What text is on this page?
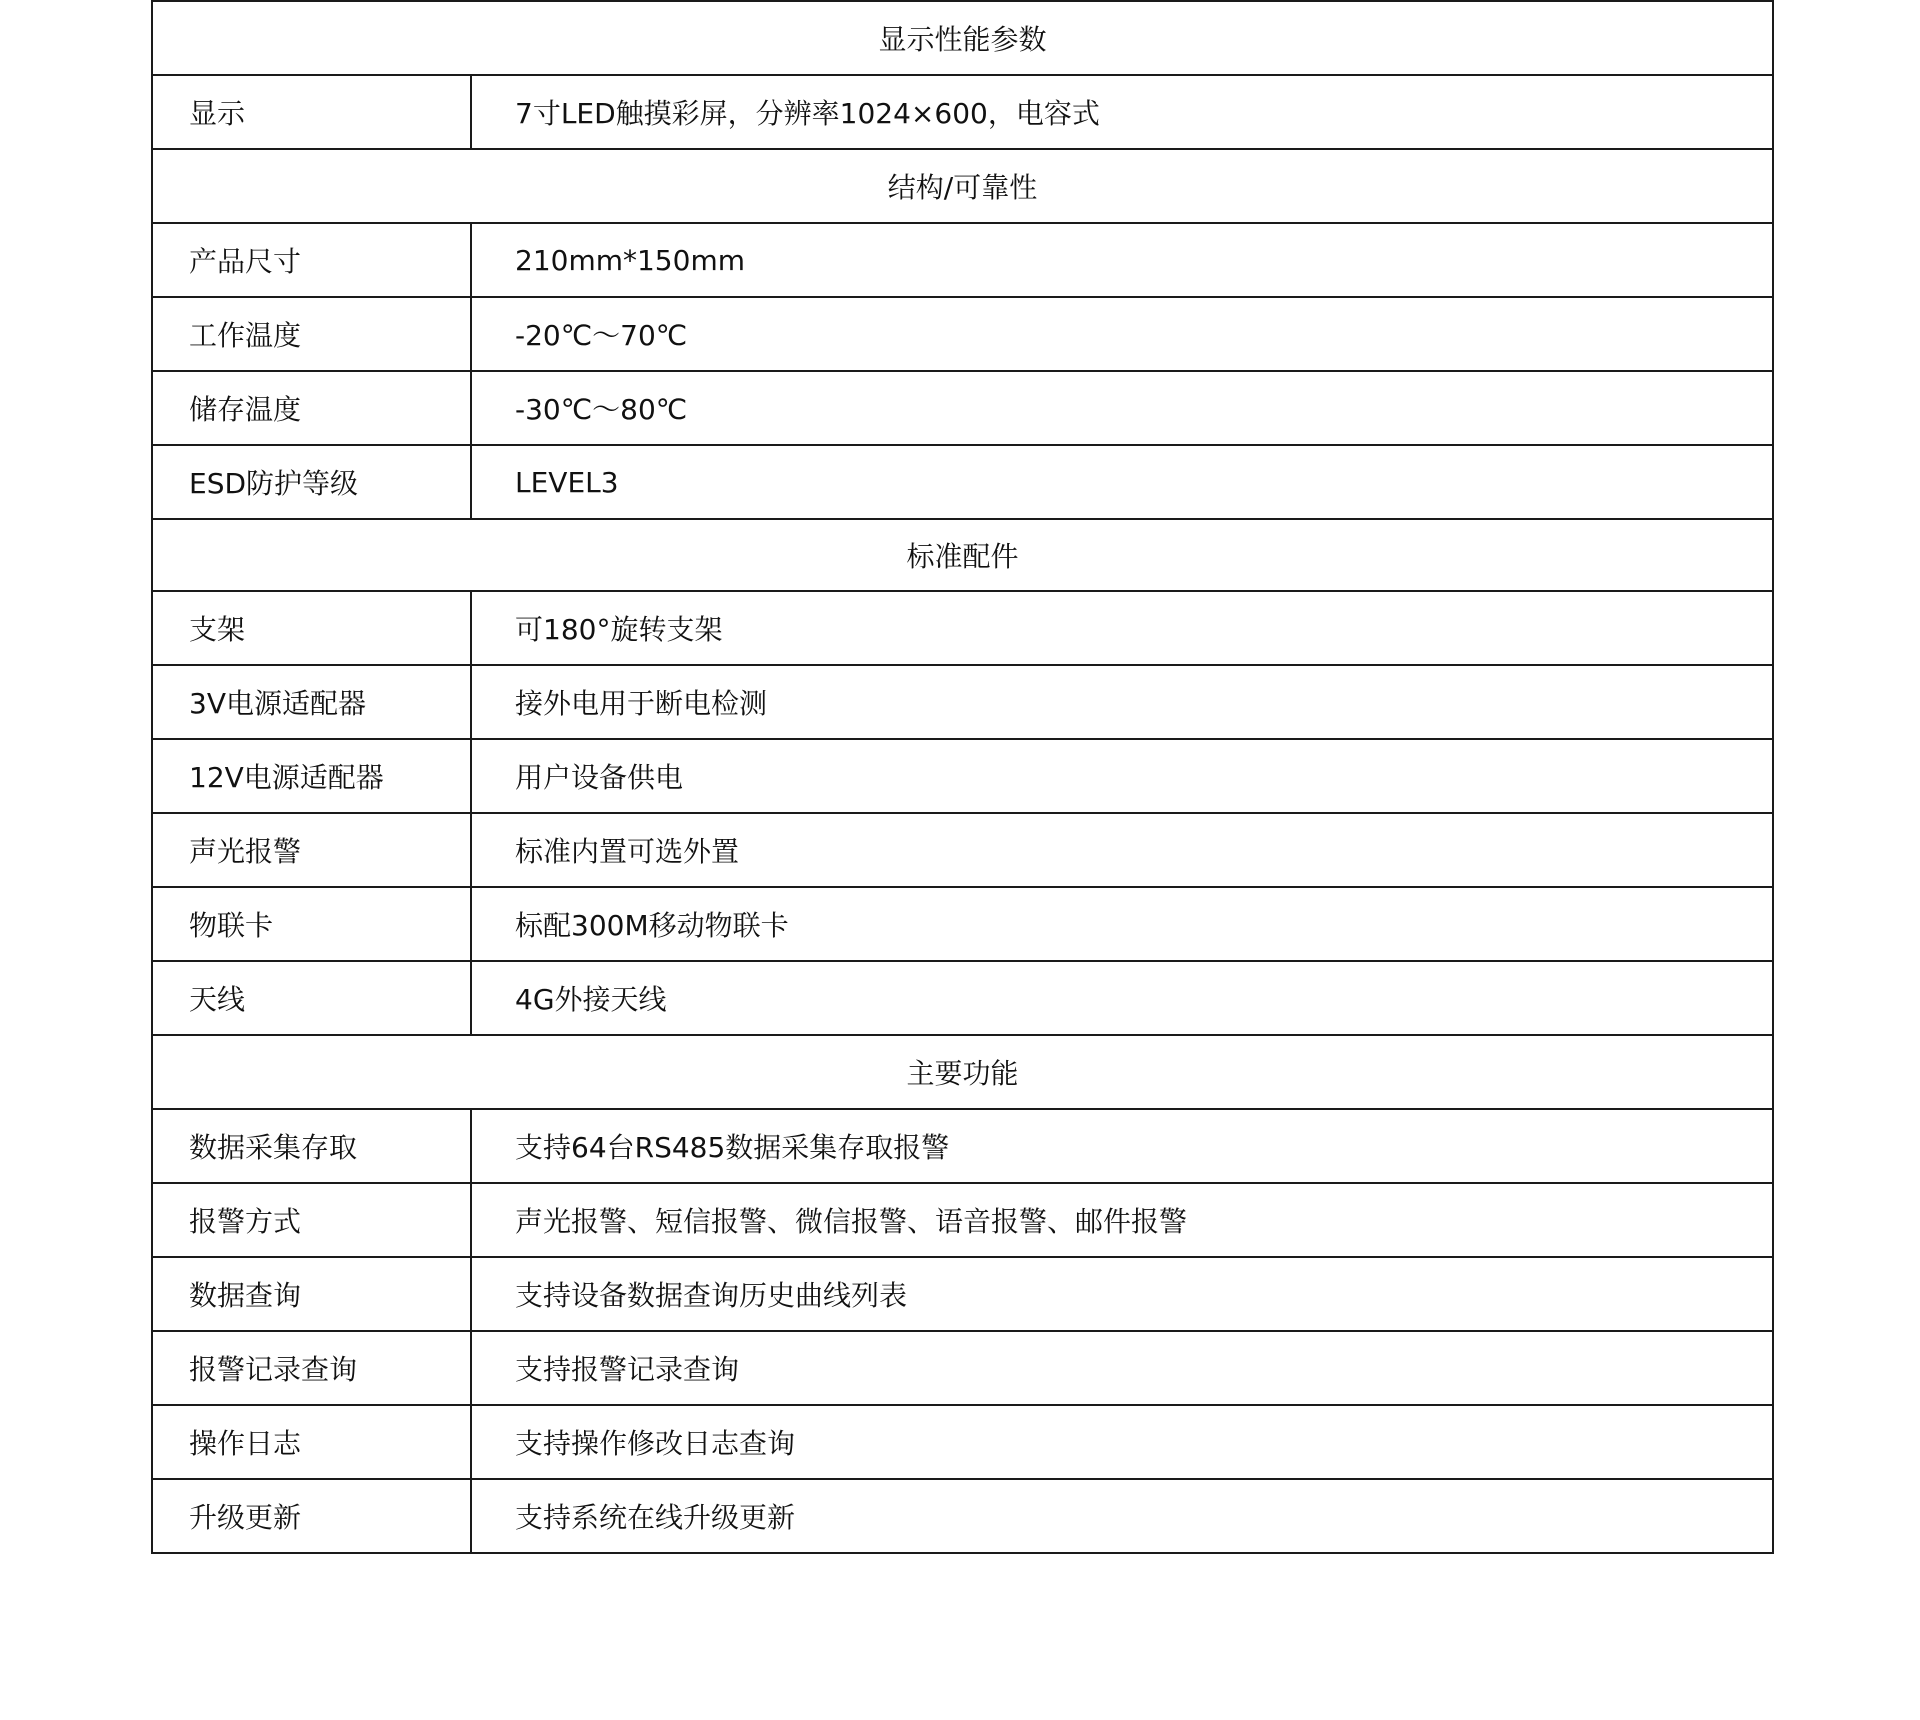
显示性能参数	
显示	7寸LED触摸彩屏，分辨率1024×600，电容式
结构/可靠性	
产品尺寸	210mm*150mm
工作温度	-20℃～70℃
储存温度	-30℃～80℃
ESD防护等级	LEVEL3
标准配件	
支架	可180°旋转支架
3V电源适配器	接外电用于断电检测
12V电源适配器	用户设备供电
声光报警	标准内置可选外置
物联卡	标配300M移动物联卡
天线	4G外接天线
主要功能	
数据采集存取	支持64台RS485数据采集存取报警
报警方式	声光报警、短信报警、微信报警、语音报警、邮件报警
数据查询	支持设备数据查询历史曲线列表
报警记录查询	支持报警记录查询
操作日志	支持操作修改日志查询
升级更新	支持系统在线升级更新
